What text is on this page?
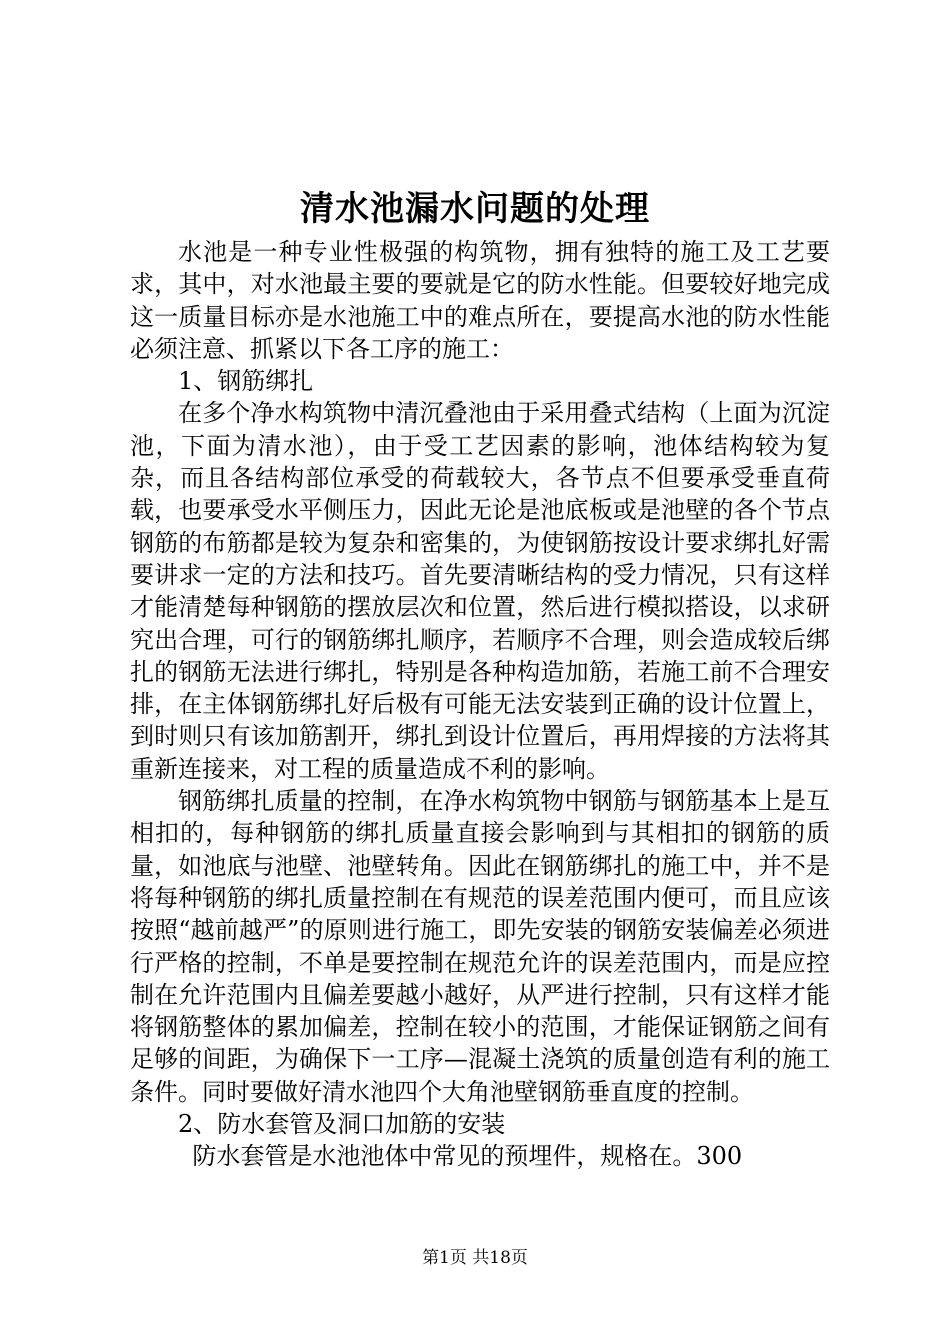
清水池漏水问题的处理

水池是一种专业性极强的构筑物，拥有独特的施工及工艺要求，其中，对水池最主要的要就是它的防水性能。但要较好地完成这一质量目标亦是水池施工中的难点所在，要提高水池的防水性能必须注意、抓紧以下各工序的施工：

1、钢筋绑扎

在多个净水构筑物中清沉叠池由于采用叠式结构（上面为沉淀池，下面为清水池），由于受工艺因素的影响，池体结构较为复杂，而且各结构部位承受的荷载较大，各节点不但要承受垂直荷载，也要承受水平侧压力，因此无论是池底板或是池壁的各个节点钢筋的布筋都是较为复杂和密集的，为使钢筋按设计要求绑扎好需要讲求一定的方法和技巧。首先要清晰结构的受力情况，只有这样才能清楚每种钢筋的摆放层次和位置，然后进行模拟搭设，以求研究出合理，可行的钢筋绑扎顺序，若顺序不合理，则会造成较后绑扎的钢筋无法进行绑扎，特别是各种构造加筋，若施工前不合理安排，在主体钢筋绑扎好后极有可能无法安装到正确的设计位置上，到时则只有该加筋割开，绑扎到设计位置后，再用焊接的方法将其重新连接来，对工程的质量造成不利的影响。

钢筋绑扎质量的控制，在净水构筑物中钢筋与钢筋基本上是互相扣的，每种钢筋的绑扎质量直接会影响到与其相扣的钢筋的质量，如池底与池壁、池壁转角。因此在钢筋绑扎的施工中，并不是将每种钢筋的绑扎质量控制在有规范的误差范围内便可，而且应该按照“越前越严”的原则进行施工，即先安装的钢筋安装偏差必须进行严格的控制，不单是要控制在规范允许的误差范围内，而是应控制在允许范围内且偏差要越小越好，从严进行控制，只有这样才能将钢筋整体的累加偏差，控制在较小的范围，才能保证钢筋之间有足够的间距，为确保下一工序—混凝土浇筑的质量创造有利的施工条件。同时要做好清水池四个大角池壁钢筋垂直度的控制。

2、防水套管及洞口加筋的安装

防水套管是水池池体中常见的预埋件，规格在。300

第1页 共18页
